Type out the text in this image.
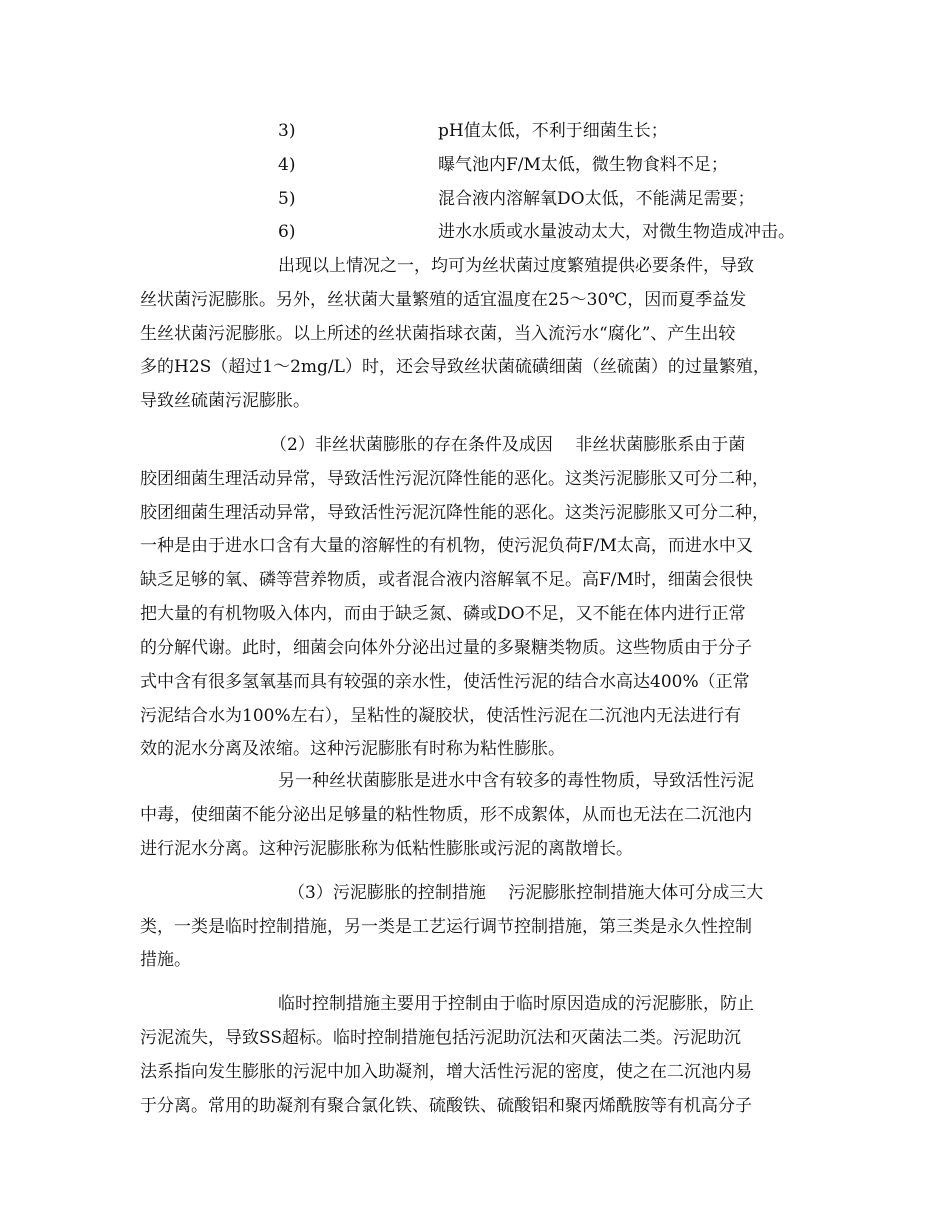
3)	pH值太低，不利于细菌生长；
4)	曝气池内F/M太低，微生物食料不足；
5)	混合液内溶解氧DO太低，不能满足需要；
6)	进水水质或水量波动太大，对微生物造成冲击。
出现以上情况之一，均可为丝状菌过度繁殖提供必要条件，导致
丝状菌污泥膨胀。另外，丝状菌大量繁殖的适宜温度在25～30℃，因而夏季益发
生丝状菌污泥膨胀。以上所述的丝状菌指球衣菌，当入流污水“腐化”、产生出较
多的H2S（超过1～2mg/L）时，还会导致丝状菌硫磺细菌（丝硫菌）的过量繁殖，
导致丝硫菌污泥膨胀。
（2）非丝状菌膨胀的存在条件及成因　 非丝状菌膨胀系由于菌
胶团细菌生理活动异常，导致活性污泥沉降性能的恶化。这类污泥膨胀又可分二种，
胶团细菌生理活动异常，导致活性污泥沉降性能的恶化。这类污泥膨胀又可分二种，
一种是由于进水口含有大量的溶解性的有机物，使污泥负荷F/M太高，而进水中又
缺乏足够的氧、磷等营养物质，或者混合液内溶解氧不足。高F/M时，细菌会很快
把大量的有机物吸入体内，而由于缺乏氮、磷或DO不足，又不能在体内进行正常
的分解代谢。此时，细菌会向体外分泌出过量的多聚糖类物质。这些物质由于分子
式中含有很多氢氧基而具有较强的亲水性，使活性污泥的结合水高达400%（正常
污泥结合水为100%左右），呈粘性的凝胶状，使活性污泥在二沉池内无法进行有
效的泥水分离及浓缩。这种污泥膨胀有时称为粘性膨胀。
另一种丝状菌膨胀是进水中含有较多的毒性物质，导致活性污泥
中毒，使细菌不能分泌出足够量的粘性物质，形不成絮体，从而也无法在二沉池内
进行泥水分离。这种污泥膨胀称为低粘性膨胀或污泥的离散增长。
（3）污泥膨胀的控制措施　 污泥膨胀控制措施大体可分成三大
类，一类是临时控制措施，另一类是工艺运行调节控制措施，第三类是永久性控制
措施。
临时控制措施主要用于控制由于临时原因造成的污泥膨胀，防止
污泥流失，导致SS超标。临时控制措施包括污泥助沉法和灭菌法二类。污泥助沉
法系指向发生膨胀的污泥中加入助凝剂，增大活性污泥的密度，使之在二沉池内易
于分离。常用的助凝剂有聚合氯化铁、硫酸铁、硫酸铝和聚丙烯酰胺等有机高分子
